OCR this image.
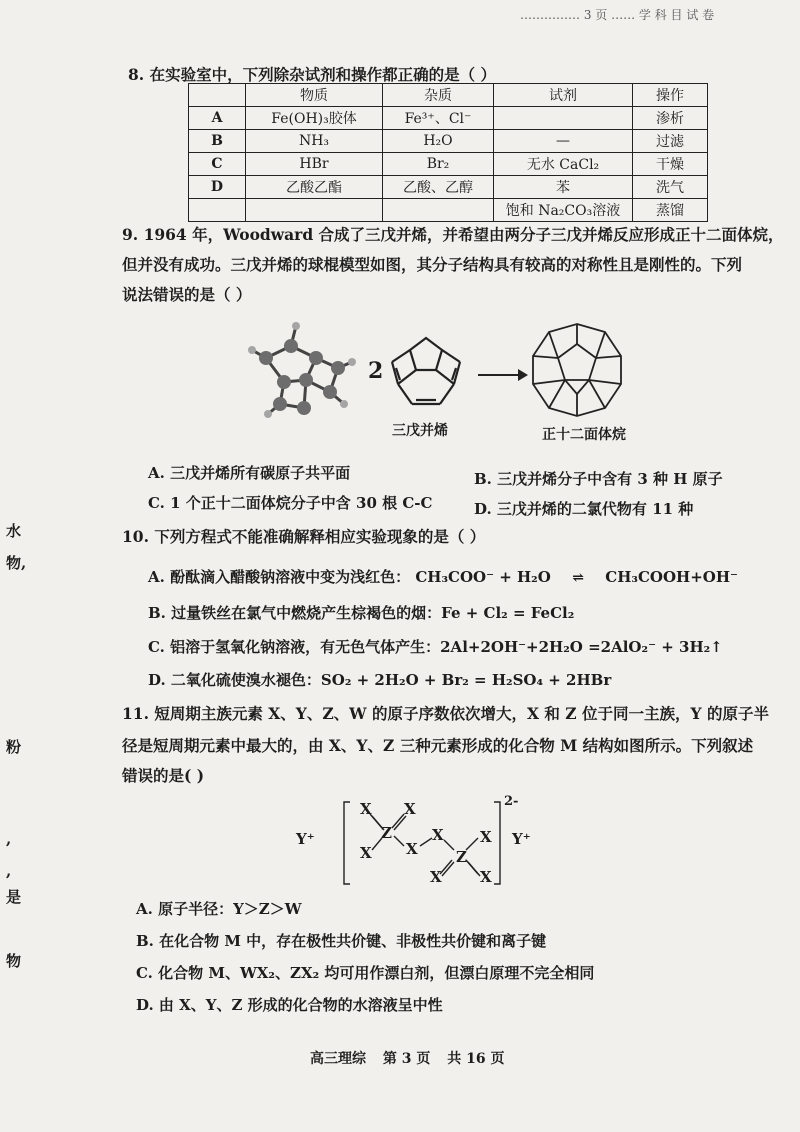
…………… 3 页 …… 学 科 目 试 卷
8. 在实验室中，下列除杂试剂和操作都正确的是（ ）
	物质	杂质	试剂	操作
A	Fe(OH)₃胶体	Fe³⁺、Cl⁻		渗析
B	NH₃	H₂O	—	过滤
C	HBr	Br₂	无水 CaCl₂	干燥
D	乙酸乙酯	乙酸、乙醇	苯	洗气
			饱和 Na₂CO₃溶液	蒸馏
9. 1964 年，Woodward 合成了三戊并烯，并希望由两分子三戊并烯反应形成正十二面体烷，
但并没有成功。三戊并烯的球棍模型如图，其分子结构具有较高的对称性且是刚性的。下列
说法错误的是（ ）
2
三戊并烯	正十二面体烷
A. 三戊并烯所有碳原子共平面	B. 三戊并烯分子中含有 3 种 H 原子
C. 1 个正十二面体烷分子中含 30 根 C-C	D. 三戊并烯的二氯代物有 11 种
10. 下列方程式不能准确解释相应实验现象的是（ ）
A. 酚酞滴入醋酸钠溶液中变为浅红色： CH₃COO⁻ + H₂O ⇌ CH₃COOH+OH⁻
B. 过量铁丝在氯气中燃烧产生棕褐色的烟：Fe + Cl₂ = FeCl₂
C. 铝溶于氢氧化钠溶液，有无色气体产生：2Al+2OH⁻+2H₂O =2AlO₂⁻ + 3H₂↑
D. 二氧化硫使溴水褪色：SO₂ + 2H₂O + Br₂ = H₂SO₄ + 2HBr
11. 短周期主族元素 X、Y、Z、W 的原子序数依次增大，X 和 Z 位于同一主族，Y 的原子半
径是短周期元素中最大的，由 X、Y、Z 三种元素形成的化合物 M 结构如图所示。下列叙述
错误的是( )
X X
Z
X X
X
Z
X
X
X
2-
Y⁺	Y⁺
A. 原子半径：Y＞Z＞W
B. 在化合物 M 中，存在极性共价键、非极性共价键和离子键
C. 化合物 M、WX₂、ZX₂ 均可用作漂白剂，但漂白原理不完全相同
D. 由 X、Y、Z 形成的化合物的水溶液呈中性
水
物,
粉
,
,
是
物
高三理综 第 3 页 共 16 页
